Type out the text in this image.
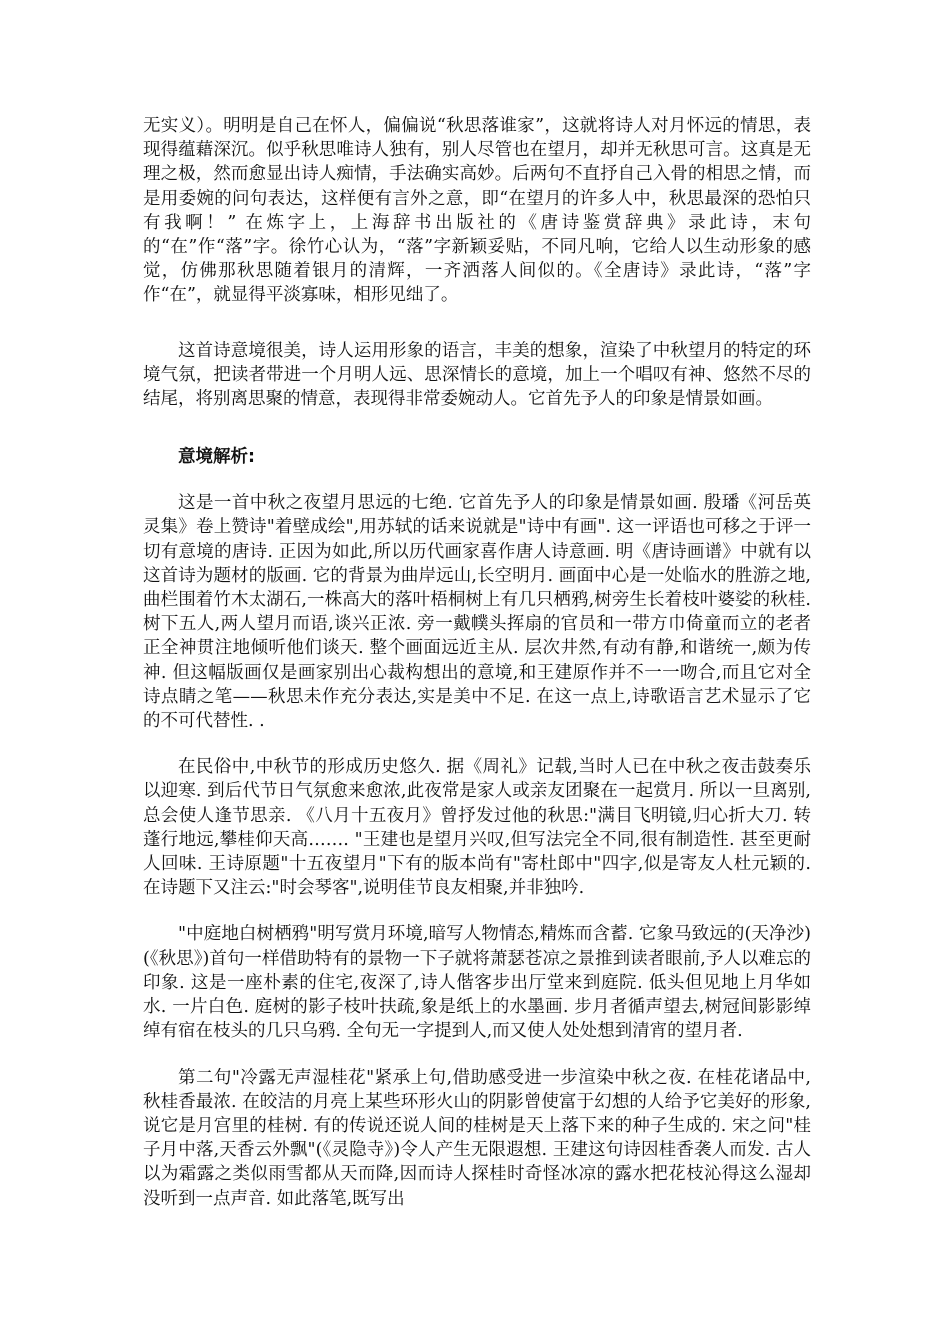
无实义）。明明是自己在怀人，偏偏说“秋思落谁家”，这就将诗人对月怀远的情思，表现得蕴藉深沉。似乎秋思唯诗人独有，别人尽管也在望月，却并无秋思可言。这真是无理之极，然而愈显出诗人痴情，手法确实高妙。后两句不直抒自己入骨的相思之情，而是用委婉的问句表达，这样便有言外之意，即“在望月的许多人中，秋思最深的恐怕只有我啊！” 在炼字上，上海辞书出版社的《唐诗鉴赏辞典》录此诗，末句的“在”作“落”字。徐竹心认为，“落”字新颖妥贴，不同凡响，它给人以生动形象的感觉，仿佛那秋思随着银月的清辉，一齐洒落人间似的。《全唐诗》录此诗，“落”字作“在”，就显得平淡寡味，相形见绌了。

这首诗意境很美，诗人运用形象的语言，丰美的想象，渲染了中秋望月的特定的环境气氛，把读者带进一个月明人远、思深情长的意境，加上一个唱叹有神、悠然不尽的结尾，将别离思聚的情意，表现得非常委婉动人。它首先予人的印象是情景如画。

意境解析:

这是一首中秋之夜望月思远的七绝. 它首先予人的印象是情景如画. 殷璠《河岳英灵集》卷上赞诗"着壁成绘",用苏轼的话来说就是"诗中有画". 这一评语也可移之于评一切有意境的唐诗. 正因为如此,所以历代画家喜作唐人诗意画. 明《唐诗画谱》中就有以这首诗为题材的版画. 它的背景为曲岸远山,长空明月. 画面中心是一处临水的胜游之地,曲栏围着竹木太湖石,一株高大的落叶梧桐树上有几只栖鸦,树旁生长着枝叶婆娑的秋桂. 树下五人,两人望月而语,谈兴正浓. 旁一戴幞头挥扇的官员和一带方巾倚童而立的老者正全神贯注地倾听他们谈天. 整个画面远近主从. 层次井然,有动有静,和谐统一,颇为传神. 但这幅版画仅是画家别出心裁构想出的意境,和王建原作并不一一吻合,而且它对全诗点睛之笔——秋思未作充分表达,实是美中不足. 在这一点上,诗歌语言艺术显示了它的不可代替性. .

在民俗中,中秋节的形成历史悠久. 据《周礼》记载,当时人已在中秋之夜击鼓奏乐以迎寒. 到后代节日气氛愈来愈浓,此夜常是家人或亲友团聚在一起赏月. 所以一旦离别,总会使人逢节思亲. 《八月十五夜月》曾抒发过他的秋思:"满目飞明镜,归心折大刀. 转蓬行地远,攀桂仰天高……. "王建也是望月兴叹,但写法完全不同,很有制造性. 甚至更耐人回味. 王诗原题"十五夜望月"下有的版本尚有"寄杜郎中"四字,似是寄友人杜元颖的. 在诗题下又注云:"时会琴客",说明佳节良友相聚,并非独吟.

"中庭地白树栖鸦"明写赏月环境,暗写人物情态,精炼而含蓄. 它象马致远的(天净沙)(《秋思》)首句一样借助特有的景物一下子就将萧瑟苍凉之景推到读者眼前,予人以难忘的印象. 这是一座朴素的住宅,夜深了,诗人偕客步出厅堂来到庭院. 低头但见地上月华如水. 一片白色. 庭树的影子枝叶扶疏,象是纸上的水墨画. 步月者循声望去,树冠间影影绰绰有宿在枝头的几只乌鸦. 全句无一字提到人,而又使人处处想到清宵的望月者.

第二句"冷露无声湿桂花"紧承上句,借助感受进一步渲染中秋之夜. 在桂花诸品中,秋桂香最浓. 在皎洁的月亮上某些环形火山的阴影曾使富于幻想的人给予它美好的形象,说它是月宫里的桂树. 有的传说还说人间的桂树是天上落下来的种子生成的. 宋之问"桂子月中落,天香云外飘"(《灵隐寺》)令人产生无限遐想. 王建这句诗因桂香袭人而发. 古人以为霜露之类似雨雪都从天而降,因而诗人探桂时奇怪冰凉的露水把花枝沁得这么湿却没听到一点声音. 如此落笔,既写出
